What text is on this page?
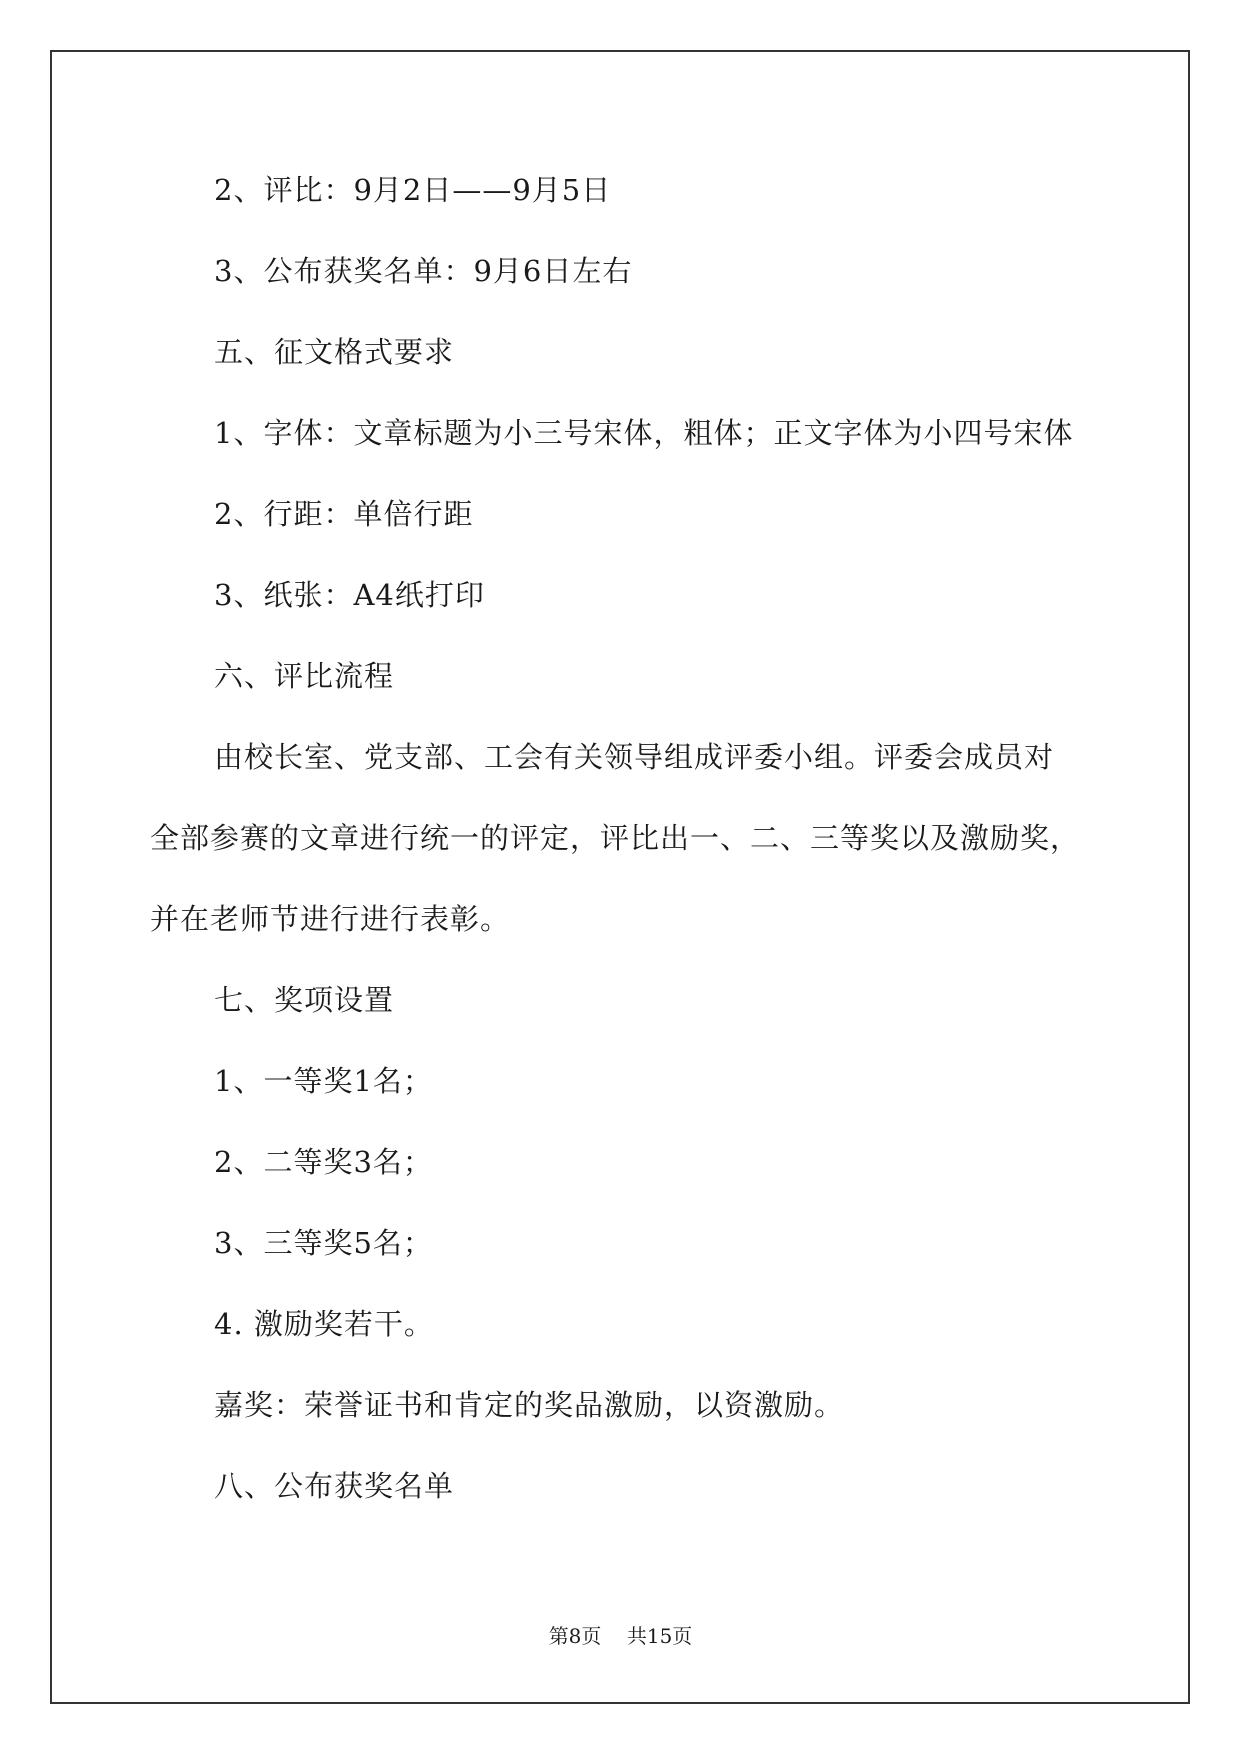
2、评比：9月2日——9月5日
3、公布获奖名单：9月6日左右
五、征文格式要求
1、字体：文章标题为小三号宋体，粗体；正文字体为小四号宋体
2、行距：单倍行距
3、纸张：A4纸打印
六、评比流程
由校长室、党支部、工会有关领导组成评委小组。评委会成员对
全部参赛的文章进行统一的评定，评比出一、二、三等奖以及激励奖，
并在老师节进行进行表彰。
七、奖项设置
1、一等奖1名；
2、二等奖3名；
3、三等奖5名；
4. 激励奖若干。
嘉奖：荣誉证书和肯定的奖品激励，以资激励。
八、公布获奖名单
第8页    共15页
